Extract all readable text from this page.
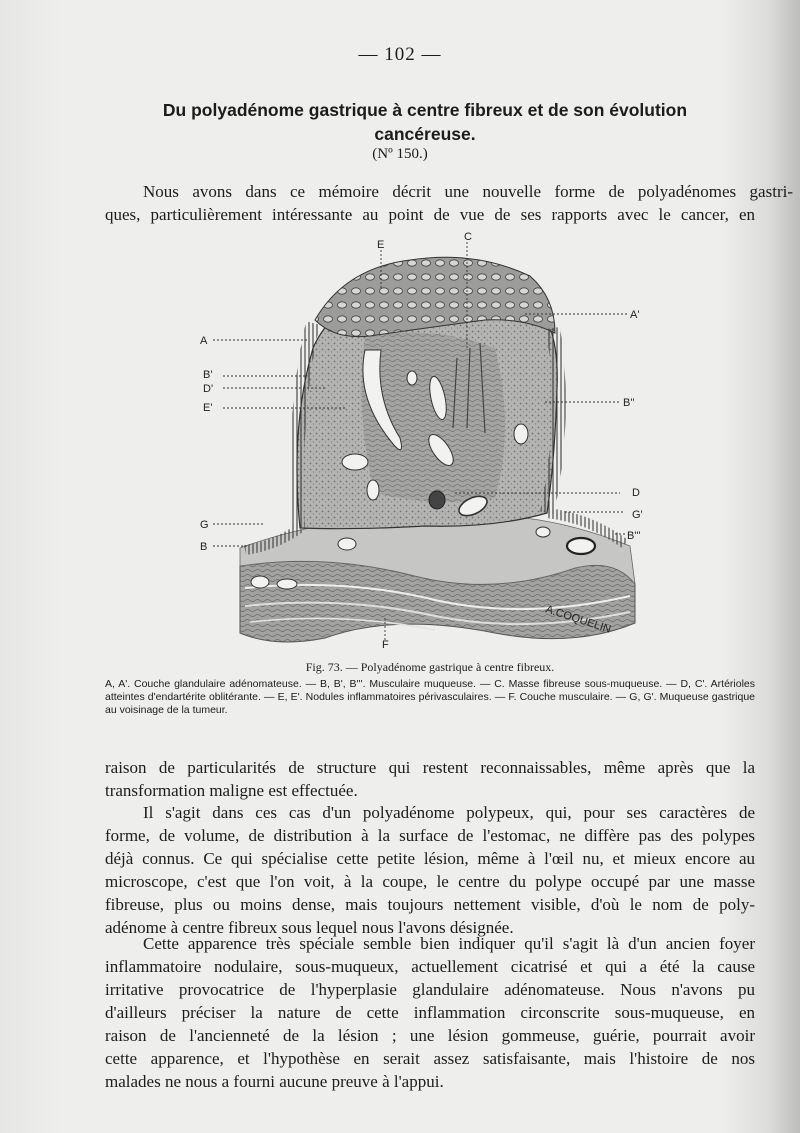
— 102 —
Du polyadénome gastrique à centre fibreux et de son évolution
cancéreuse.
(Nº 150.)
Nous avons dans ce mémoire décrit une nouvelle forme de polyadénomes gastri-
ques, particulièrement intéressante au point de vue de ses rapports avec le cancer, en
E
C
A
A'
B'
D'
E'	B''
D
G'
G
B'''
B
F
A.COQUELIN
Fig. 73. — Polyadénome gastrique à centre fibreux.
A, A'. Couche glandulaire adénomateuse. — B, B', B'''. Musculaire muqueuse. — C. Masse fibreuse sous-muqueuse. — D, C'. Artérioles atteintes d'endartérite oblitérante. — E, E'. Nodules inflammatoires périvasculaires. — F. Couche musculaire. — G, G'. Muqueuse gastrique au voisinage de la tumeur.
raison de particularités de structure qui restent reconnaissables, même après que la
transformation maligne est effectuée.
Il s'agit dans ces cas d'un polyadénome polypeux, qui, pour ses caractères de
forme, de volume, de distribution à la surface de l'estomac, ne diffère pas des polypes
déjà connus. Ce qui spécialise cette petite lésion, même à l'œil nu, et mieux encore au
microscope, c'est que l'on voit, à la coupe, le centre du polype occupé par une masse
fibreuse, plus ou moins dense, mais toujours nettement visible, d'où le nom de poly-
adénome à centre fibreux sous lequel nous l'avons désignée.
Cette apparence très spéciale semble bien indiquer qu'il s'agit là d'un ancien foyer
inflammatoire nodulaire, sous-muqueux, actuellement cicatrisé et qui a été la cause
irritative provocatrice de l'hyperplasie glandulaire adénomateuse. Nous n'avons pu
d'ailleurs préciser la nature de cette inflammation circonscrite sous-muqueuse, en
raison de l'ancienneté de la lésion ; une lésion gommeuse, guérie, pourrait avoir
cette apparence, et l'hypothèse en serait assez satisfaisante, mais l'histoire de nos
malades ne nous a fourni aucune preuve à l'appui.
